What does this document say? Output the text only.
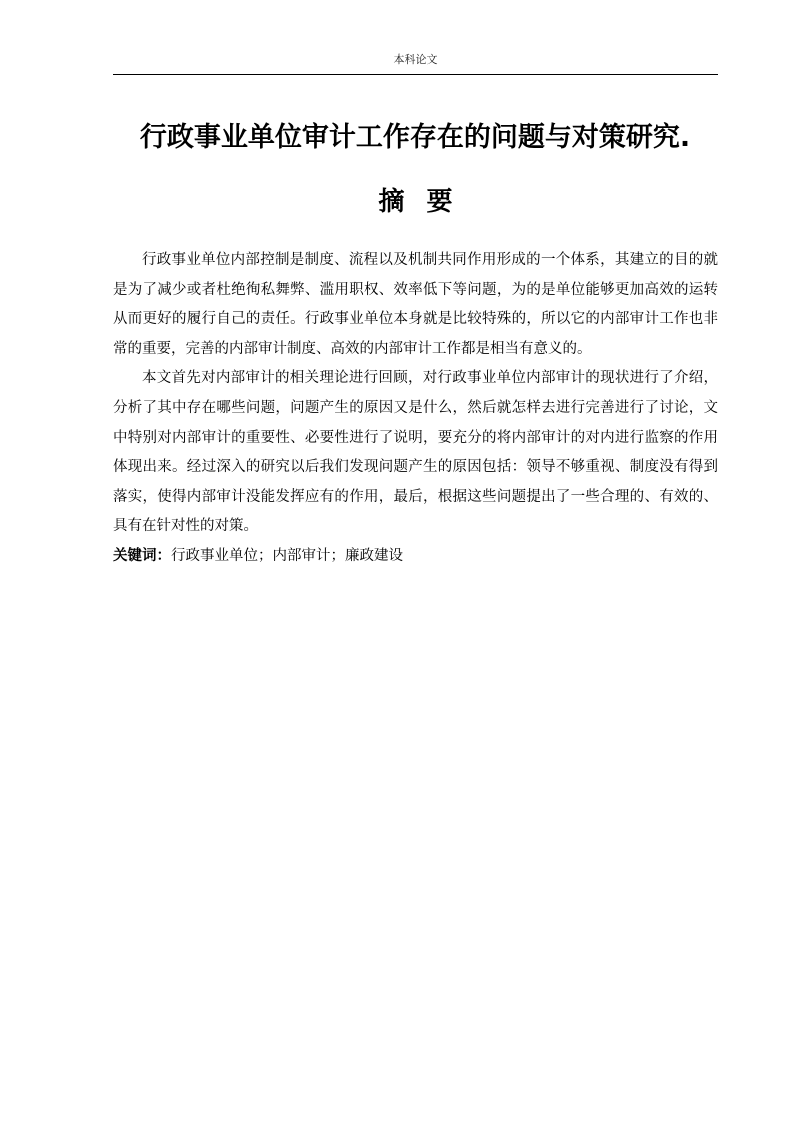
本科论文
行政事业单位审计工作存在的问题与对策研究.
摘要

行政事业单位内部控制是制度、流程以及机制共同作用形成的一个体系，其建立的目的就是为了减少或者杜绝徇私舞弊、滥用职权、效率低下等问题，为的是单位能够更加高效的运转从而更好的履行自己的责任。行政事业单位本身就是比较特殊的，所以它的内部审计工作也非常的重要，完善的内部审计制度、高效的内部审计工作都是相当有意义的。

本文首先对内部审计的相关理论进行回顾，对行政事业单位内部审计的现状进行了介绍，分析了其中存在哪些问题，问题产生的原因又是什么，然后就怎样去进行完善进行了讨论，文中特别对内部审计的重要性、必要性进行了说明，要充分的将内部审计的对内进行监察的作用体现出来。经过深入的研究以后我们发现问题产生的原因包括：领导不够重视、制度没有得到落实，使得内部审计没能发挥应有的作用，最后，根据这些问题提出了一些合理的、有效的、具有在针对性的对策。

关键词：行政事业单位；内部审计；廉政建设
